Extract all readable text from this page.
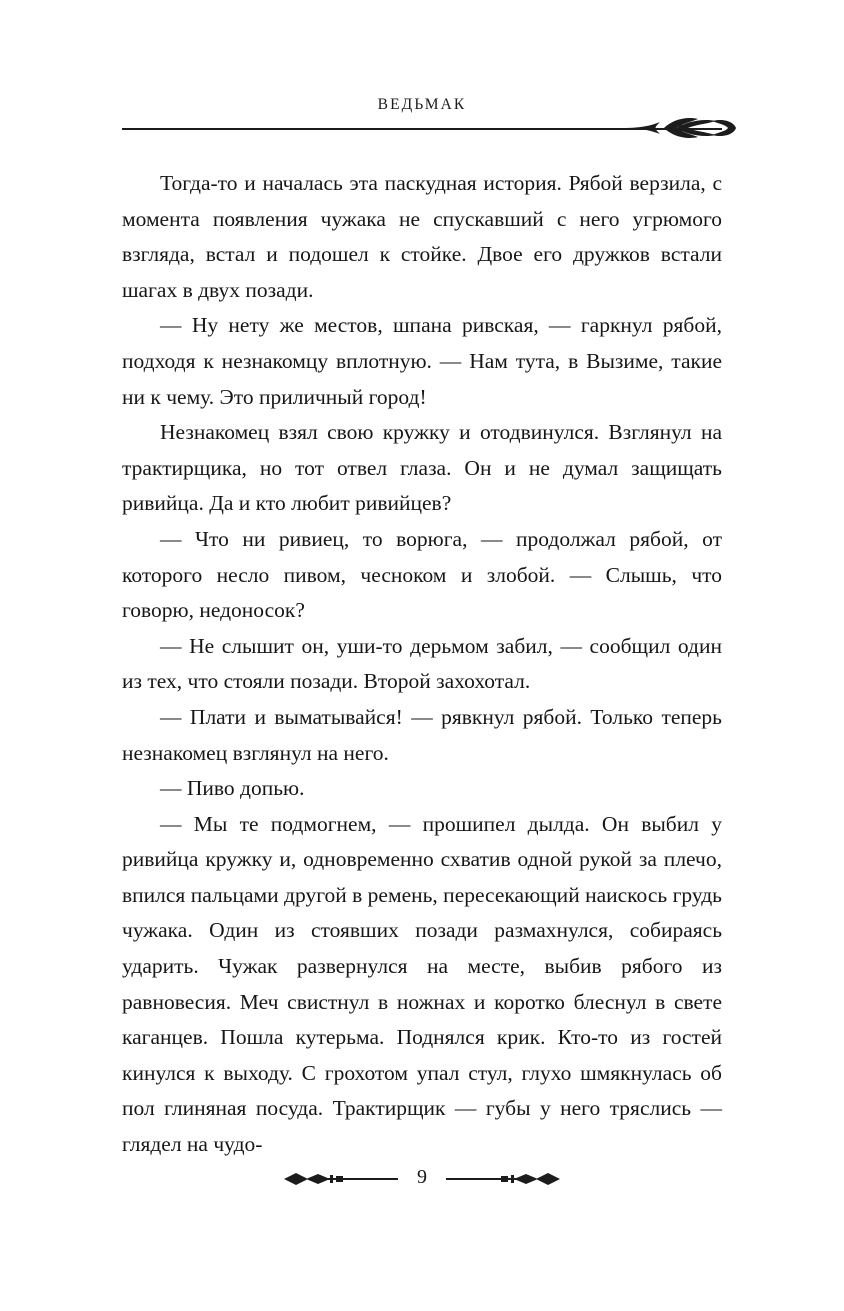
ВЕДЬМАК

Тогда-то и началась эта паскудная история. Рябой верзила, с момента появления чужака не спускавший с него угрюмого взгляда, встал и подошел к стойке. Двое его дружков встали шагах в двух позади.

— Ну нету же местов, шпана ривская, — гаркнул рябой, подходя к незнакомцу вплотную. — Нам тута, в Вызиме, такие ни к чему. Это приличный город!

Незнакомец взял свою кружку и отодвинулся. Взглянул на трактирщика, но тот отвел глаза. Он и не думал защищать ривийца. Да и кто любит ривийцев?

— Что ни ривиец, то ворюга, — продолжал рябой, от которого несло пивом, чесноком и злобой. — Слышь, что говорю, недоносок?

— Не слышит он, уши-то дерьмом забил, — сообщил один из тех, что стояли позади. Второй захохотал.

— Плати и выматывайся! — рявкнул рябой. Только теперь незнакомец взглянул на него.

— Пиво допью.

— Мы те подмогнем, — прошипел дылда. Он выбил у ривийца кружку и, одновременно схватив одной рукой за плечо, впился пальцами другой в ремень, пересекающий наискось грудь чужака. Один из стоявших позади размахнулся, собираясь ударить. Чужак развернулся на месте, выбив рябого из равновесия. Меч свистнул в ножнах и коротко блеснул в свете каганцев. Пошла кутерьма. Поднялся крик. Кто-то из гостей кинулся к выходу. С грохотом упал стул, глухо шмякнулась об пол глиняная посуда. Трактирщик — губы у него тряслись — глядел на чудо-

9
